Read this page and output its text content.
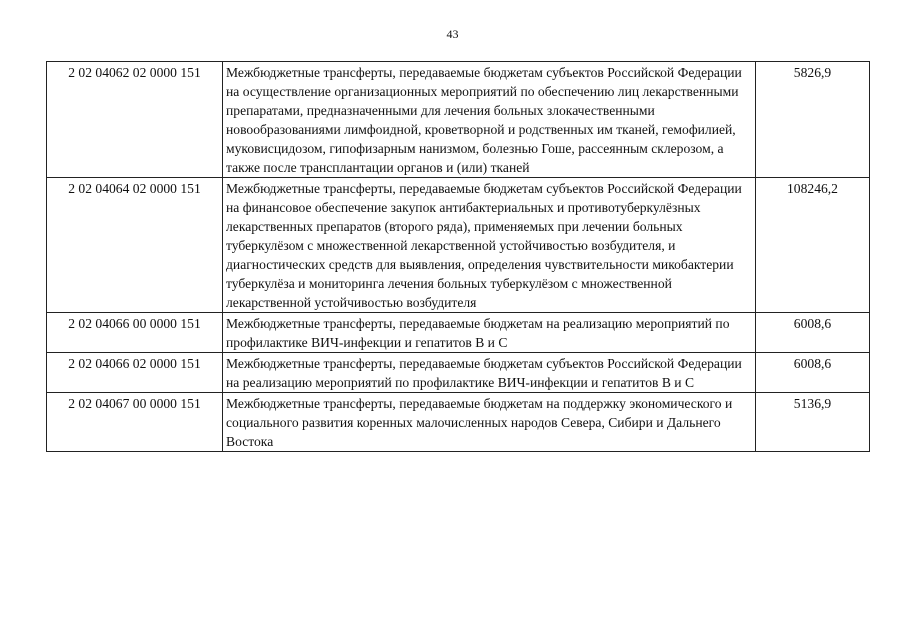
43
2 02 04062 02 0000 151	Межбюджетные трансферты, передаваемые бюджетам субъектов Российской Федерации на осуществление организационных мероприятий по обеспечению лиц лекарственными препаратами, предназначенными для лечения больных злокачественными новообразованиями лимфоидной, кроветворной и родственных им тканей, гемофилией, муковисцидозом, гипофизарным нанизмом, болезнью Гоше, рассеянным склерозом, а также после трансплантации органов и (или) тканей	5826,9
2 02 04064 02 0000 151	Межбюджетные трансферты, передаваемые бюджетам субъектов Российской Федерации на финансовое обеспечение закупок антибактериальных и противотуберкулёзных лекарственных препаратов (второго ряда), применяемых при лечении больных туберкулёзом с множественной лекарственной устойчивостью возбудителя, и диагностических средств для выявления, определения чувствительности микобактерии туберкулёза и мониторинга лечения больных туберкулёзом с множественной лекарственной устойчивостью возбудителя	108246,2
2 02 04066 00 0000 151	Межбюджетные трансферты, передаваемые бюджетам на реализацию мероприятий по профилактике ВИЧ-инфекции и гепатитов В и С	6008,6
2 02 04066 02 0000 151	Межбюджетные трансферты, передаваемые бюджетам субъектов Российской Федерации на реализацию мероприятий по профилактике ВИЧ-инфекции и гепатитов В и С	6008,6
2 02 04067 00 0000 151	Межбюджетные трансферты, передаваемые бюджетам на поддержку экономического и социального развития коренных малочисленных народов Севера, Сибири и Дальнего Востока	5136,9
